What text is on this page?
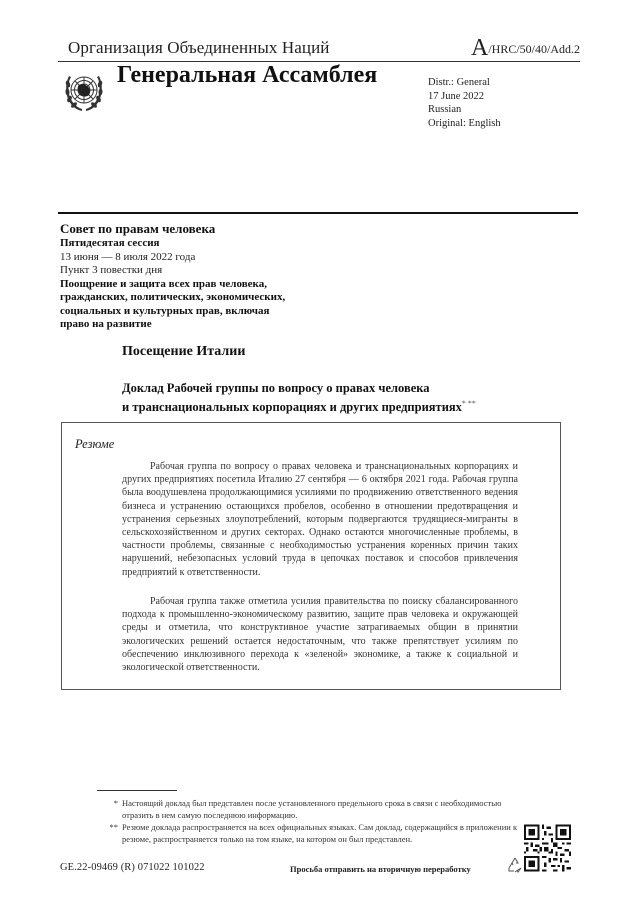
Организация Объединенных Наций	A/HRC/50/40/Add.2
Генеральная Ассамблея	Distr.: General
17 June 2022
Russian
Original: English
Совет по правам человека
Пятидесятая сессия
13 июня — 8 июля 2022 года
Пункт 3 повестки дня
Поощрение и защита всех прав человека,
гражданских, политических, экономических,
социальных и культурных прав, включая
право на развитие
Посещение Италии
Доклад Рабочей группы по вопросу о правах человека
и транснациональных корпорациях и других предприятиях* **
Резюме
Рабочая группа по вопросу о правах человека и транснациональных корпорациях и других предприятиях посетила Италию 27 сентября — 6 октября 2021 года. Рабочая группа была воодушевлена продолжающимися усилиями по продвижению ответственного ведения бизнеса и устранению остающихся пробелов, особенно в отношении предотвращения и устранения серьезных злоупотреблений, которым подвергаются трудящиеся-мигранты в сельскохозяйственном и других секторах. Однако остаются многочисленные проблемы, в частности проблемы, связанные с необходимостью устранения коренных причин таких нарушений, небезопасных условий труда в цепочках поставок и способов привлечения предприятий к ответственности.
Рабочая группа также отметила усилия правительства по поиску сбалансированного подхода к промышленно-экономическому развитию, защите прав человека и окружающей среды и отметила, что конструктивное участие затрагиваемых общин в принятии экологических решений остается недостаточным, что также препятствует усилиям по обеспечению инклюзивного перехода к «зеленой» экономике, а также к социальной и экологической ответственности.
* Настоящий доклад был представлен после установленного предельного срока в связи с необходимостью отразить в нем самую последнюю информацию.
** Резюме доклада распространяется на всех официальных языках. Сам доклад, содержащийся в приложении к резюме, распространяется только на том языке, на котором он был представлен.
GE.22-09469 (R) 071022 101022	Просьба отправить на вторичную переработку
